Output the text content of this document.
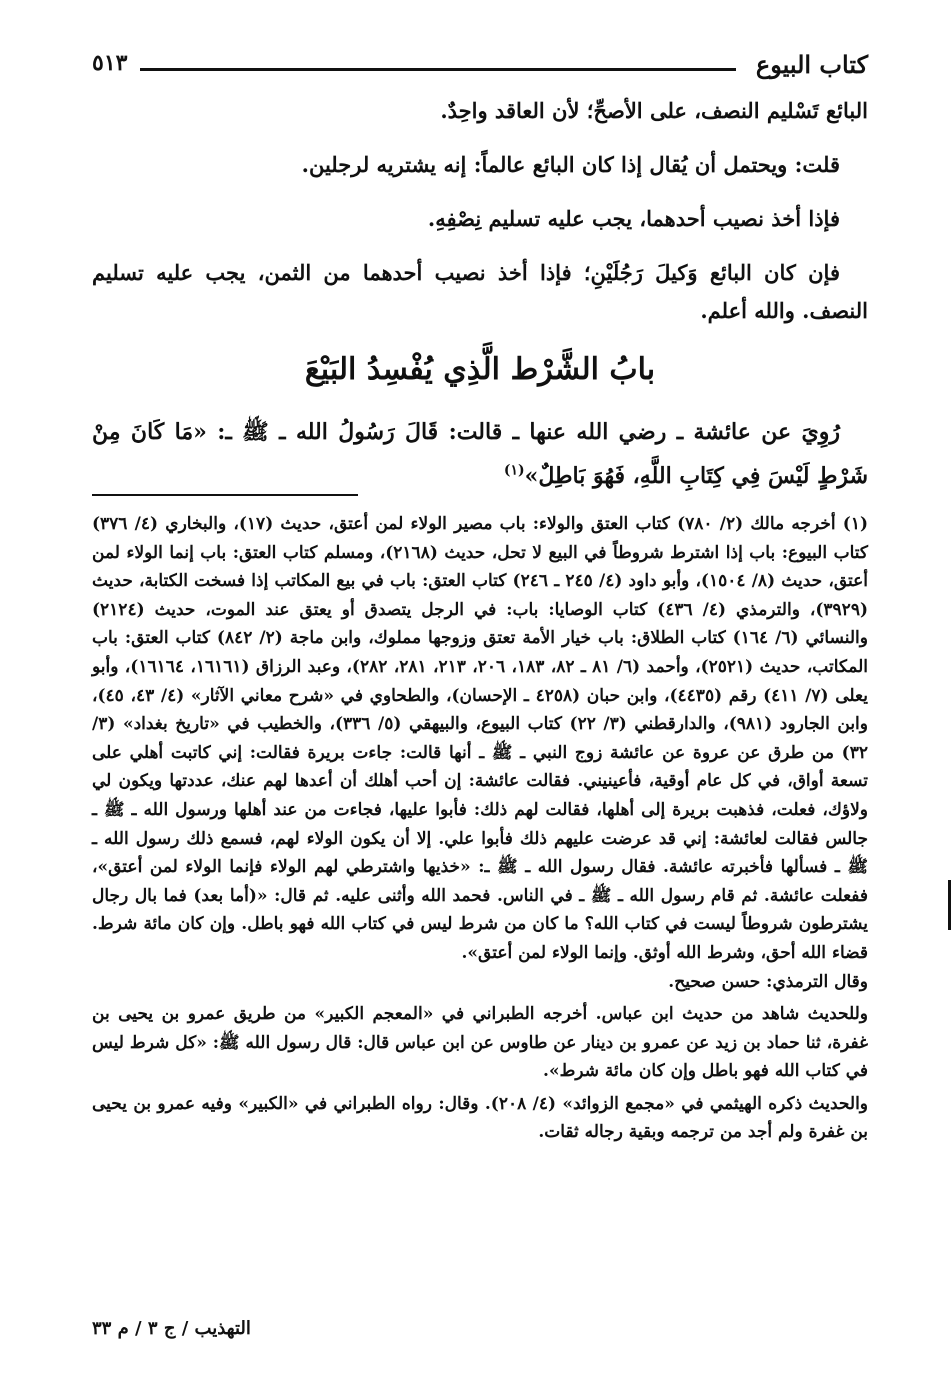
كتاب البيوع
٥١٣

البائع تَسْليم النصف، على الأصحِّ؛ لأن العاقد واحِدٌ.

قلت: ويحتمل أن يُقال إذا كان البائع عالماً: إنه يشتريه لرجلين.

فإذا أخذ نصيب أحدهما، يجب عليه تسليم نِصْفِهِ.

فإن كان البائع وَكيلَ رَجُلَيْنِ؛ فإذا أخذ نصيب أحدهما من الثمن، يجب عليه تسليم النصف. والله أعلم.

بابُ الشَّرْط الَّذِي يُفْسِدُ البَيْعَ

رُوِيَ عن عائشة ـ رضي الله عنها ـ قالت: قَالَ رَسُولُ الله ـ ﷺ ـ: «مَا كَانَ مِنْ شَرْطٍ لَيْسَ فِي كِتَابِ اللَّهِ، فَهُوَ بَاطِلٌ»$^{(١)}$

(١) أخرجه مالك (٢/ ٧٨٠) كتاب العتق والولاء: باب مصير الولاء لمن أعتق، حديث (١٧)، والبخاري (٤/ ٣٧٦) كتاب البيوع: باب إذا اشترط شروطاً في البيع لا تحل، حديث (٢١٦٨)، ومسلم كتاب العتق: باب إنما الولاء لمن أعتق، حديث (٨/ ١٥٠٤)، وأبو داود (٤/ ٢٤٥ ـ ٢٤٦) كتاب العتق: باب في بيع المكاتب إذا فسخت الكتابة، حديث (٣٩٢٩)، والترمذي (٤/ ٤٣٦) كتاب الوصايا: باب: في الرجل يتصدق أو يعتق عند الموت، حديث (٢١٢٤) والنسائي (٦/ ١٦٤) كتاب الطلاق: باب خيار الأمة تعتق وزوجها مملوك، وابن ماجة (٢/ ٨٤٢) كتاب العتق: باب المكاتب، حديث (٢٥٢١)، وأحمد (٦/ ٨١ ـ ٨٢، ١٨٣، ٢٠٦، ٢١٣، ٢٨١، ٢٨٢)، وعبد الرزاق (١٦١٦١، ١٦١٦٤)، وأبو يعلى (٧/ ٤١١) رقم (٤٤٣٥)، وابن حبان (٤٢٥٨ ـ الإحسان)، والطحاوي في «شرح معاني الآثار» (٤/ ٤٣، ٤٥)، وابن الجارود (٩٨١)، والدارقطني (٣/ ٢٢) كتاب البيوع، والبيهقي (٥/ ٣٣٦)، والخطيب في «تاريخ بغداد» (٣/ ٣٢) من طرق عن عروة عن عائشة زوج النبي ـ ﷺ ـ أنها قالت: جاءت بريرة فقالت: إني كاتبت أهلي على تسعة أواق، في كل عام أوقية، فأعينيني. فقالت عائشة: إن أحب أهلك أن أعدها لهم عنك، عددتها ويكون لي ولاؤك، فعلت، فذهبت بريرة إلى أهلها، فقالت لهم ذلك: فأبوا عليها، فجاءت من عند أهلها ورسول الله ـ ﷺ ـ جالس فقالت لعائشة: إني قد عرضت عليهم ذلك فأبوا علي. إلا أن يكون الولاء لهم، فسمع ذلك رسول الله ـ ﷺ ـ فسألها فأخبرته عائشة. فقال رسول الله ـ ﷺ ـ: «خذيها واشترطي لهم الولاء فإنما الولاء لمن أعتق»، ففعلت عائشة. ثم قام رسول الله ـ ﷺ ـ في الناس. فحمد الله وأثنى عليه. ثم قال: «(أما بعد) فما بال رجال يشترطون شروطاً ليست في كتاب الله؟ ما كان من شرط ليس في كتاب الله فهو باطل. وإن كان مائة شرط. قضاء الله أحق، وشرط الله أوثق. وإنما الولاء لمن أعتق».

وقال الترمذي: حسن صحيح.

وللحديث شاهد من حديث ابن عباس. أخرجه الطبراني في «المعجم الكبير» من طريق عمرو بن يحيى بن غفرة، ثنا حماد بن زيد عن عمرو بن دينار عن طاوس عن ابن عباس قال: قال رسول الله ﷺ: «كل شرط ليس في كتاب الله فهو باطل وإن كان مائة شرط».

والحديث ذكره الهيثمي في «مجمع الزوائد» (٤/ ٢٠٨). وقال: رواه الطبراني في «الكبير» وفيه عمرو بن يحيى بن غفرة ولم أجد من ترجمه وبقية رجاله ثقات.

التهذيب / ج ٣ / م ٣٣
